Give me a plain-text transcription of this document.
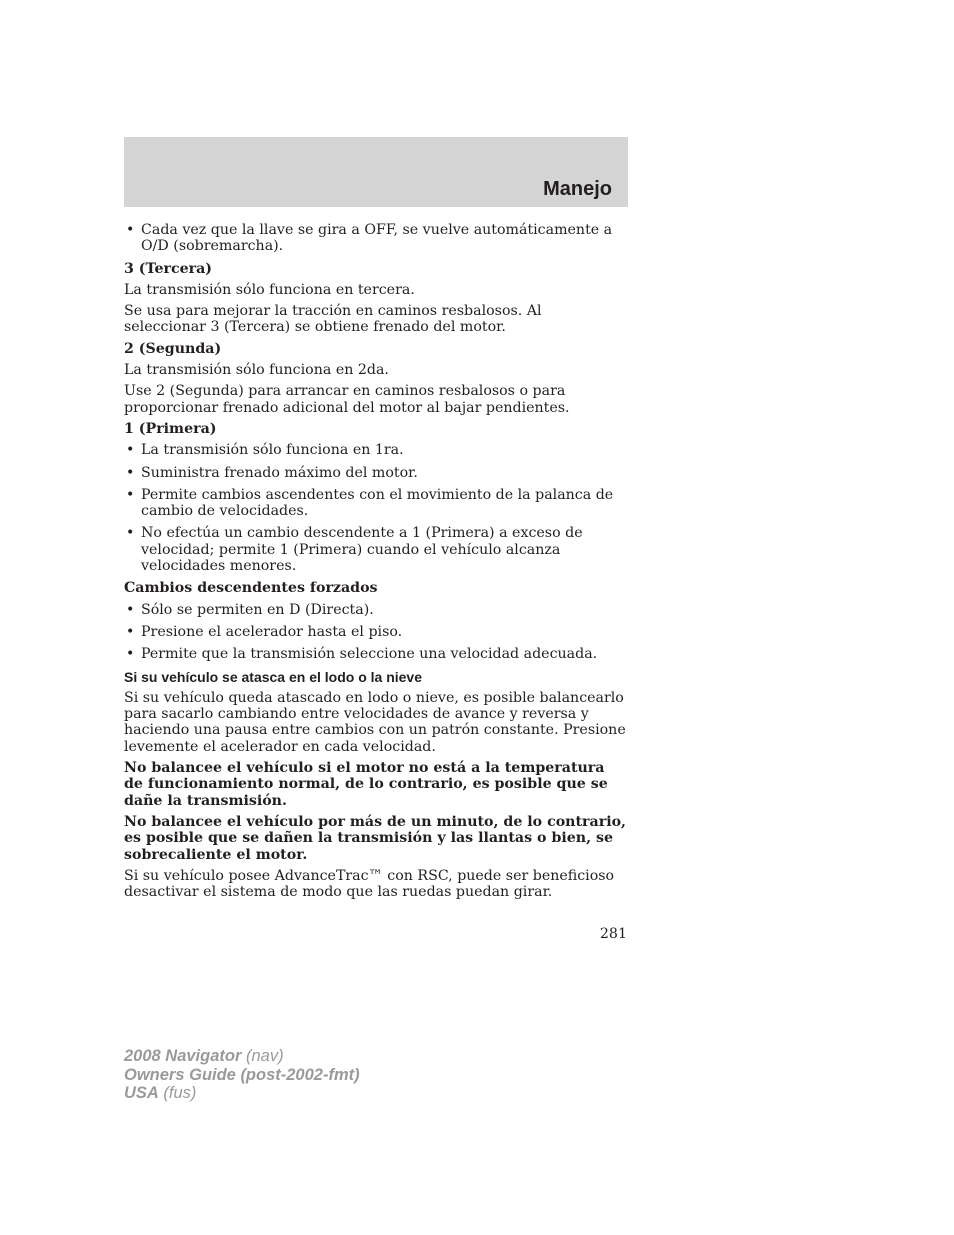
Manejo
• Cada vez que la llave se gira a OFF, se vuelve automáticamente a O/D (sobremarcha).

3 (Tercera)

La transmisión sólo funciona en tercera.

Se usa para mejorar la tracción en caminos resbalosos. Al seleccionar 3 (Tercera) se obtiene frenado del motor.

2 (Segunda)

La transmisión sólo funciona en 2da.

Use 2 (Segunda) para arrancar en caminos resbalosos o para proporcionar frenado adicional del motor al bajar pendientes.

1 (Primera)

• La transmisión sólo funciona en 1ra.
• Suministra frenado máximo del motor.
• Permite cambios ascendentes con el movimiento de la palanca de cambio de velocidades.
• No efectúa un cambio descendente a 1 (Primera) a exceso de velocidad; permite 1 (Primera) cuando el vehículo alcanza velocidades menores.

Cambios descendentes forzados

• Sólo se permiten en D (Directa).
• Presione el acelerador hasta el piso.
• Permite que la transmisión seleccione una velocidad adecuada.

Si su vehículo se atasca en el lodo o la nieve

Si su vehículo queda atascado en lodo o nieve, es posible balancearlo para sacarlo cambiando entre velocidades de avance y reversa y haciendo una pausa entre cambios con un patrón constante. Presione levemente el acelerador en cada velocidad.

No balancee el vehículo si el motor no está a la temperatura de funcionamiento normal, de lo contrario, es posible que se dañe la transmisión.

No balancee el vehículo por más de un minuto, de lo contrario, es posible que se dañen la transmisión y las llantas o bien, se sobrecaliente el motor.

Si su vehículo posee AdvanceTrac™ con RSC, puede ser beneficioso desactivar el sistema de modo que las ruedas puedan girar.

281
2008 Navigator (nav)
Owners Guide (post-2002-fmt)
USA (fus)
